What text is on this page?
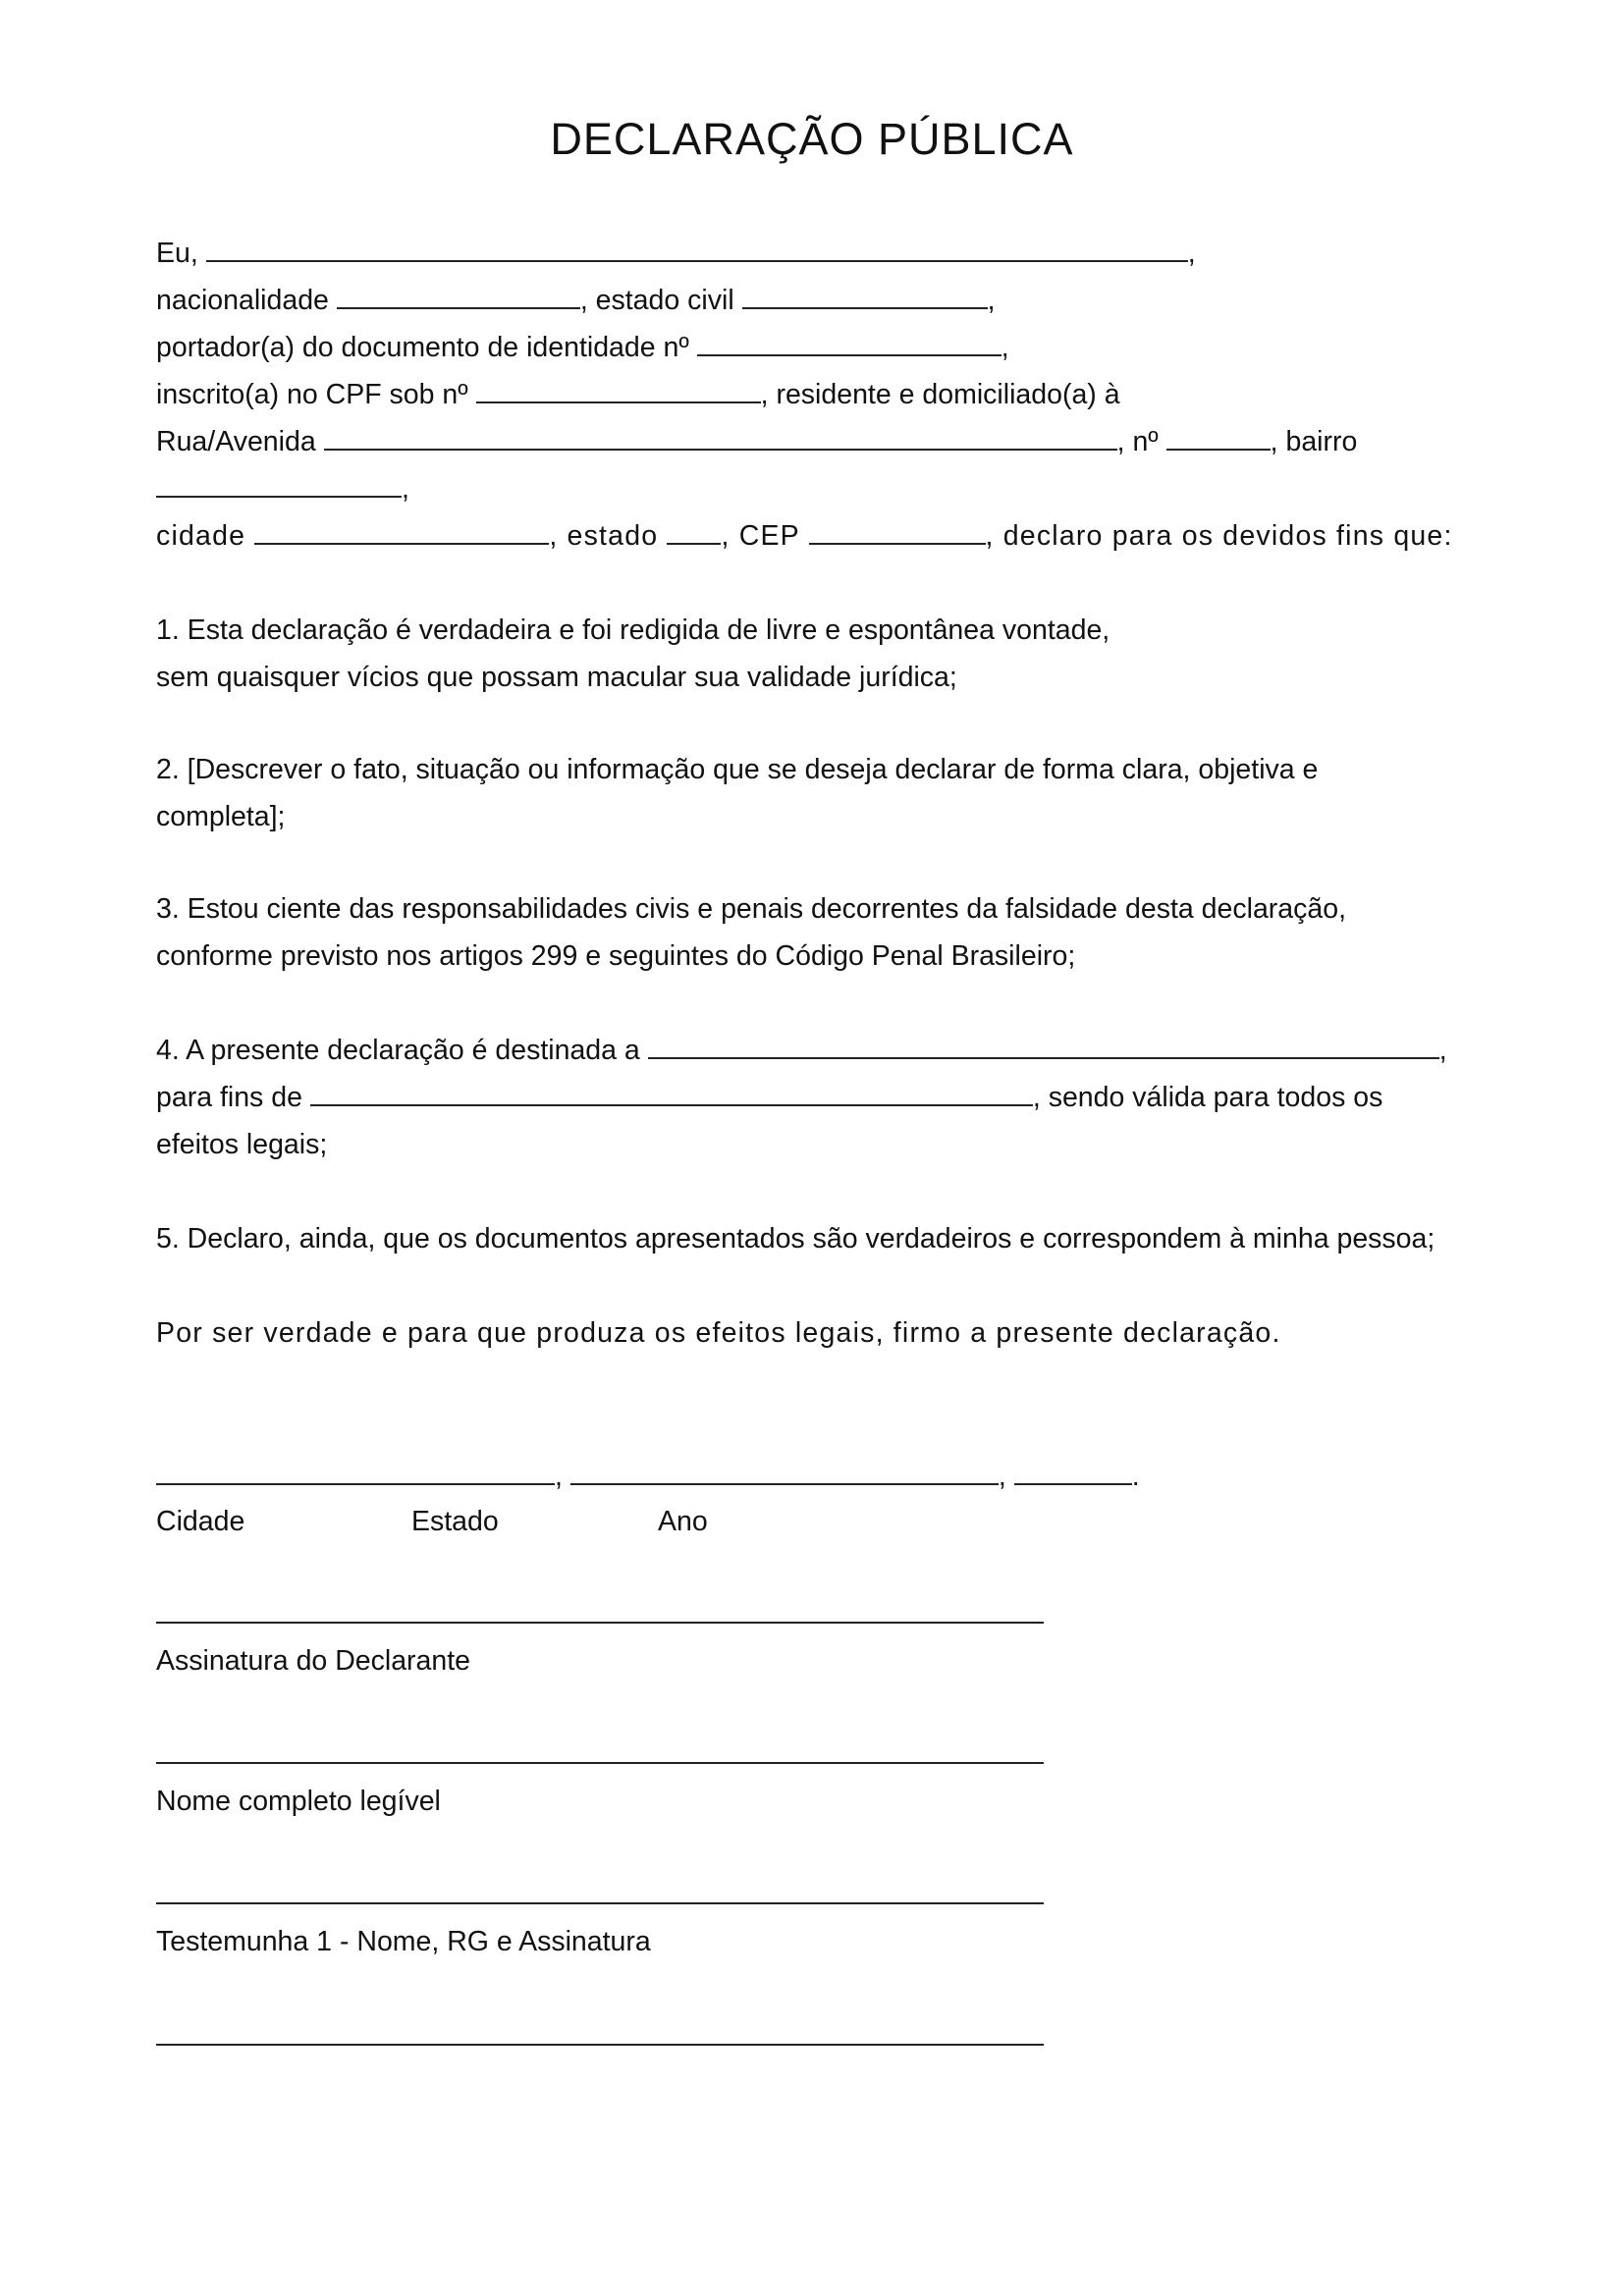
DECLARAÇÃO PÚBLICA
Eu,	,
nacionalidade	, estado civil	,
portador(a) do documento de identidade nº	,
inscrito(a) no CPF sob nº	, residente e domiciliado(a) à
Rua/Avenida	, nº	, bairro
,
cidade	, estado , CEP	, declaro para os devidos fins que:
1. Esta declaração é verdadeira e foi redigida de livre e espontânea vontade,
sem quaisquer vícios que possam macular sua validade jurídica;
2. [Descrever o fato, situação ou informação que se deseja declarar de forma clara, objetiva e
completa];
3. Estou ciente das responsabilidades civis e penais decorrentes da falsidade desta declaração,
conforme previsto nos artigos 299 e seguintes do Código Penal Brasileiro;
4. A presente declaração é destinada a	,
para fins de	, sendo válida para todos os
efeitos legais;
5. Declaro, ainda, que os documentos apresentados são verdadeiros e correspondem à minha pessoa;
Por ser verdade e para que produza os efeitos legais, firmo a presente declaração.
,	,	.
Cidade	Estado	Ano
Assinatura do Declarante
Nome completo legível
Testemunha 1 - Nome, RG e Assinatura
